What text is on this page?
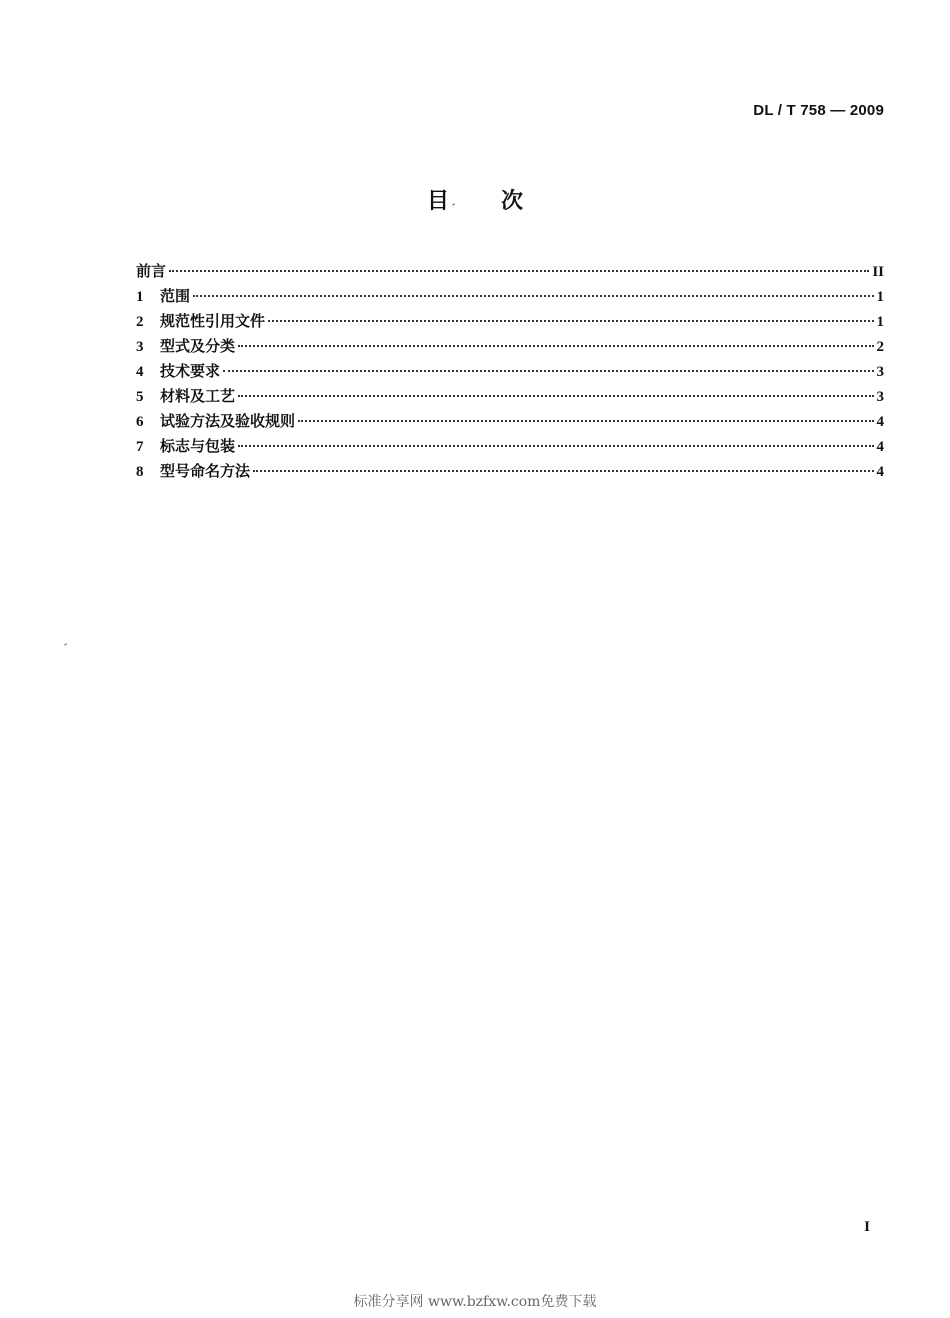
DL / T 758 — 2009
目次
前言	II
1	范围	1
2	规范性引用文件	1
3	型式及分类	2
4	技术要求	3
5	材料及工艺	3
6	试验方法及验收规则	4
7	标志与包装	4
8	型号命名方法	4
I
标准分享网 www.bzfxw.com免费下载
